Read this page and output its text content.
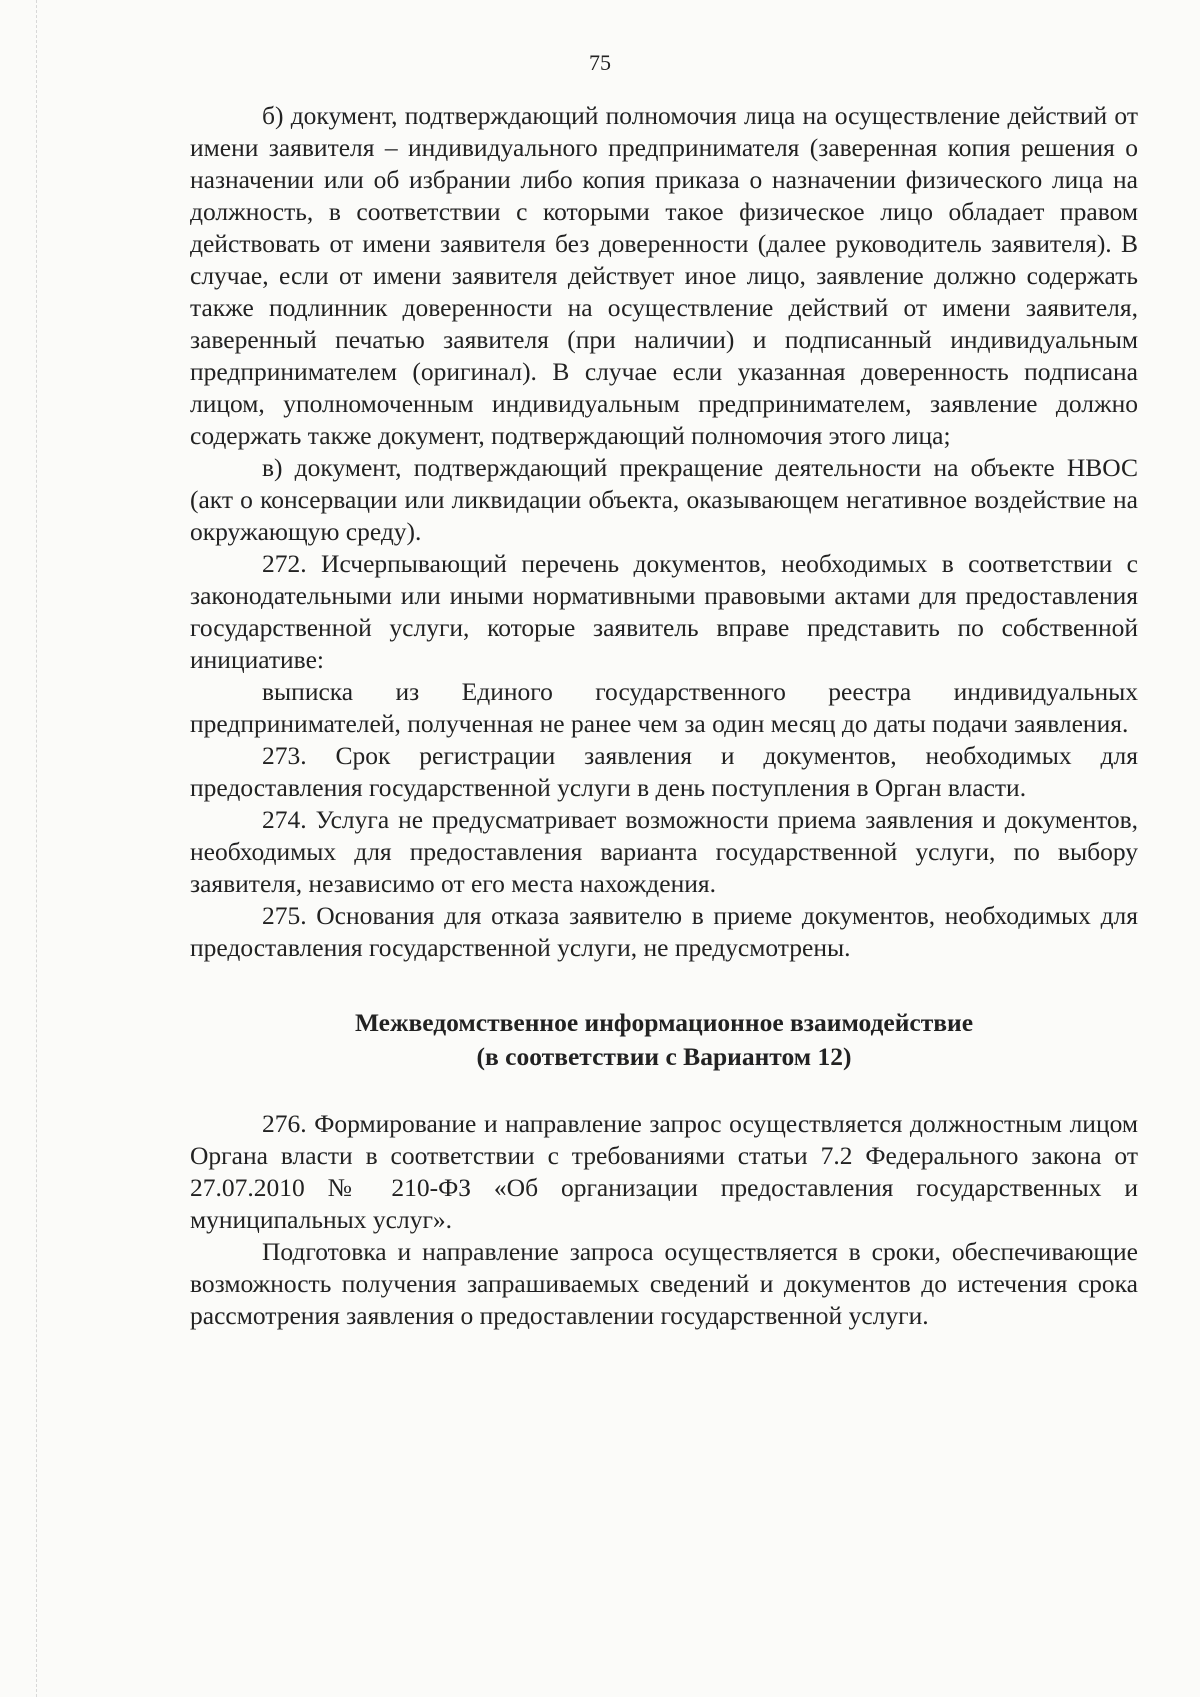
75

б) документ, подтверждающий полномочия лица на осуществление действий от имени заявителя – индивидуального предпринимателя (заверенная копия решения о назначении или об избрании либо копия приказа о назначении физического лица на должность, в соответствии с которыми такое физическое лицо обладает правом действовать от имени заявителя без доверенности (далее руководитель заявителя). В случае, если от имени заявителя действует иное лицо, заявление должно содержать также подлинник доверенности на осуществление действий от имени заявителя, заверенный печатью заявителя (при наличии) и подписанный индивидуальным предпринимателем (оригинал). В случае если указанная доверенность подписана лицом, уполномоченным индивидуальным предпринимателем, заявление должно содержать также документ, подтверждающий полномочия этого лица;

в) документ, подтверждающий прекращение деятельности на объекте НВОС (акт о консервации или ликвидации объекта, оказывающем негативное воздействие на окружающую среду).

272. Исчерпывающий перечень документов, необходимых в соответствии с законодательными или иными нормативными правовыми актами для предоставления государственной услуги, которые заявитель вправе представить по собственной инициативе:

выписка из Единого государственного реестра индивидуальных предпринимателей, полученная не ранее чем за один месяц до даты подачи заявления.

273. Срок регистрации заявления и документов, необходимых для предоставления государственной услуги в день поступления в Орган власти.

274. Услуга не предусматривает возможности приема заявления и документов, необходимых для предоставления варианта государственной услуги, по выбору заявителя, независимо от его места нахождения.

275. Основания для отказа заявителю в приеме документов, необходимых для предоставления государственной услуги, не предусмотрены.

Межведомственное информационное взаимодействие
(в соответствии с Вариантом 12)

276. Формирование и направление запрос осуществляется должностным лицом Органа власти в соответствии с требованиями статьи 7.2 Федерального закона от 27.07.2010 № 210-ФЗ «Об организации предоставления государственных и муниципальных услуг».

Подготовка и направление запроса осуществляется в сроки, обеспечивающие возможность получения запрашиваемых сведений и документов до истечения срока рассмотрения заявления о предоставлении государственной услуги.
